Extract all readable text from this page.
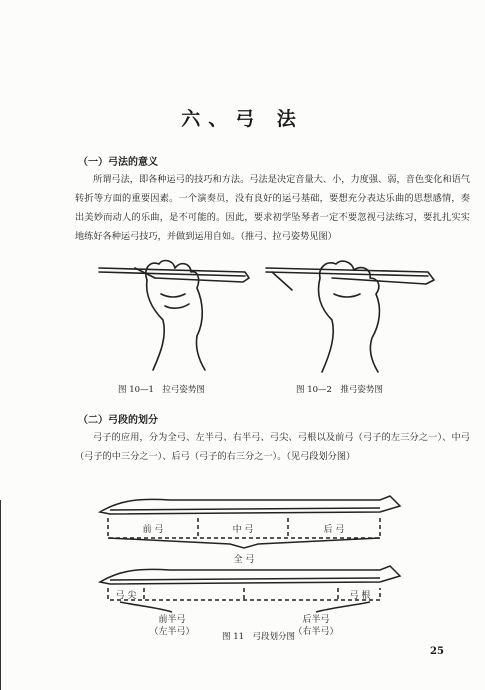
六、弓 法
（一）弓法的意义

所谓弓法，即各种运弓的技巧和方法。弓法是决定音量大、小，力度强、弱，音色变化和语气转折等方面的重要因素。一个演奏员，没有良好的运弓基础，要想充分表达乐曲的思想感情，奏出美妙而动人的乐曲，是不可能的。因此，要求初学坠琴者一定不要忽视弓法练习，要扎扎实实地练好各种运弓技巧，并做到运用自如。（推弓、拉弓姿势见图）

图 10—1　拉弓姿势图	图 10—2　推弓姿势图
（二）弓段的划分

弓子的应用，分为全弓、左半弓、右半弓、弓尖、弓根以及前弓（弓子的左三分之一）、中弓（弓子的中三分之一）、后弓（弓子的右三分之一）。（见弓段划分图）

前 弓	中 弓	后 弓
全 弓
弓 尖	弓 根
前半弓
（左半弓）
后半弓
（右半弓）
图 11　弓段划分图
25
